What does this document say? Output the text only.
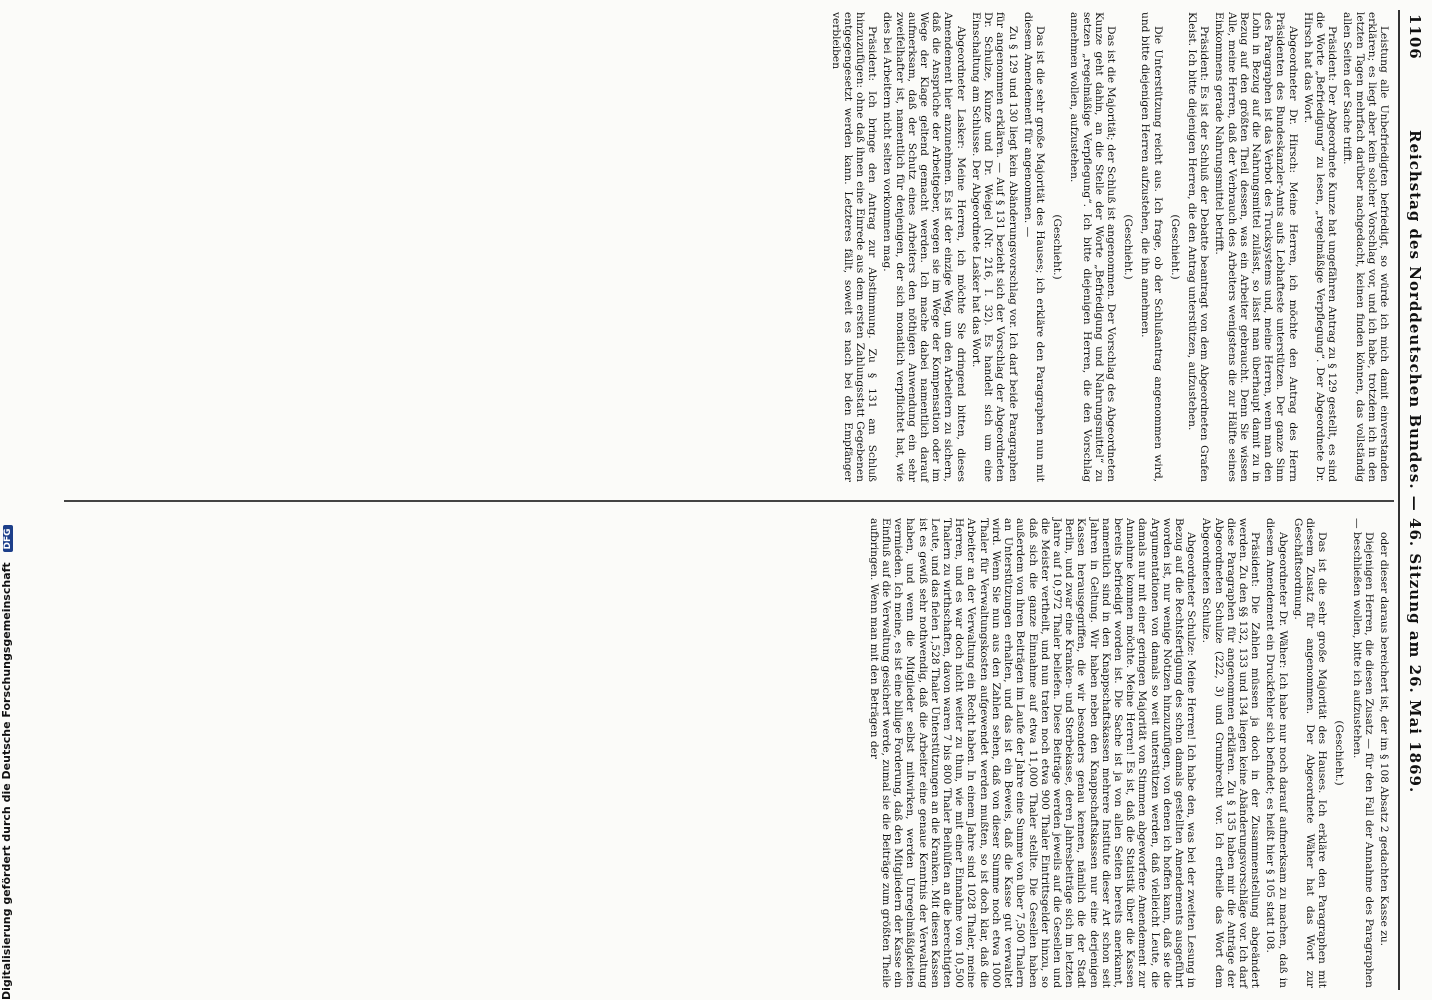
1106
Reichstag des Norddeutschen Bundes. — 46. Sitzung am 26. Mai 1869.

Leistung alle Unbefriedigten befriedigt, so würde ich mich damit einverstanden erklären; es liegt aber kein solcher Vorschlag vor, und ich habe, trotzdem ich in den letzten Tagen mehrfach darüber nachgedacht, keinen finden können, das vollständig allen Seiten der Sache trifft.

Präsident: Der Abgeordnete Kunze hat ungefähren Antrag zu § 129 gestellt, es sind die Worte „Befriedigung“ zu lesen, „regelmäßige Verpflegung“. Der Abgeordnete Dr. Hirsch hat das Wort.

Abgeordneter Dr. Hirsch: Meine Herren, ich möchte den Antrag des Herrn Präsidenten des Bundeskanzler-Amts aufs Lebhafteste unterstützen. Der ganze Sinn des Paragraphen ist das Verbot des Trucksystems und, meine Herren, wenn man den Lohn in Bezug auf die Nahrungsmittel zulässt, so lässt man überhaupt damit zu in Bezug auf den größten Theil dessen, was ein Arbeiter gebraucht. Denn Sie wissen Alle, meine Herren, daß der Verbrauch des Arbeiters wenigstens die zur Hälfte seines Einkommens gerade Nahrungsmittel betrifft.

Präsident: Es ist der Schluß der Debatte beantragt von dem Abgeordneten Grafen Kleist. Ich bitte diejenigen Herren, die den Antrag unterstützen, aufzustehen.

(Geschieht.)

Die Unterstützung reicht aus. Ich frage, ob der Schlußantrag angenommen wird, und bitte diejenigen Herren aufzustehen, die ihn annehmen.

(Geschieht.)

Das ist die Majorität; der Schluß ist angenommen. Der Vorschlag des Abgeordneten Kunze geht dahin, an die Stelle der Worte „Befriedigung und Nahrungsmittel“ zu setzen „regelmäßige Verpflegung“. Ich bitte diejenigen Herren, die den Vorschlag annehmen wollen, aufzustehen.

(Geschieht.)

Das ist die sehr große Majorität des Hauses; ich erkläre den Paragraphen nun mit diesem Amendement für angenommen. —

Zu § 129 und 130 liegt kein Abänderungsvorschlag vor. Ich darf beide Paragraphen für angenommen erklären. — Auf § 131 bezieht sich der Vorschlag der Abgeordneten Dr. Schulze, Kunze und Dr. Weigel (Nr. 216, I. 32). Es handelt sich um eine Einschaltung am Schlusse. Der Abgeordnete Lasker hat das Wort.

Abgeordneter Lasker: Meine Herren, ich möchte Sie dringend bitten, dieses Amendement hier anzunehmen. Es ist der einzige Weg, um den Arbeitern zu sichern, daß die Ansprüche der Arbeitgeber, wegen sie im Wege der Kompensation oder im Wege der Klage geltend gemacht werden. Ich mache dabei namentlich darauf aufmerksam, daß der Schutz eines Arbeiters den nöthigen Anwendung ein sehr zweifelhafter ist, namentlich für denjenigen, der sich monatlich verpflichtet hat, wie dies bei Arbeitern nicht selten vorkommen mag.

Präsident: Ich bringe den Antrag zur Abstimmung. Zu § 131 am Schluß hinzuzufügen: ohne daß ihnen eine Einrede aus dem ersten Zahlungsstatt Gegebenen entgegengesetzt werden kann. Letzteres fällt, soweit es nach bei den Empfänger verbleiben

oder dieser daraus bereichert ist, der im § 108 Absatz 2 gedachten Kasse zu.

Diejenigen Herren, die diesen Zusatz — für den Fall der Annahme des Paragraphen — beschließen wollen, bitte ich aufzustehen.

(Geschieht.)

Das ist die sehr große Majorität des Hauses. Ich erkläre den Paragraphen mit diesem Zusatz für angenommen. Der Abgeordnete Wäher hat das Wort zur Geschäftsordnung.

Abgeordneter Dr. Wäher: Ich habe nur noch darauf aufmerksam zu machen, daß in diesem Amendement ein Druckfehler sich befindet; es heißt hier § 105 statt 108.

Präsident: Die Zahlen müssen ja doch in der Zusammenstellung abgeändert werden. Zu den §§ 132, 133 und 134 liegen keine Abänderungsvorschläge vor. Ich darf diese Paragraphen für angenommen erklären. Zu § 135 haben mir die Anträge der Abgeordneten Schulze (222, 3) und Grumbrecht vor. Ich ertheile das Wort dem Abgeordneten Schulze.

Abgeordneter Schulze: Meine Herren! Ich habe den, was bei der zweiten Lesung in Bezug auf die Rechtsfertigung des schon damals gestellten Amendements ausgeführt worden ist, nur wenige Notizen hinzuzufügen, von denen ich hoffen kann, daß sie die Argumentationen von damals so weit unterstützen werden, daß vielleicht Leute, die damals nur mit einer geringen Majorität von Stimmen abgeworfene Amendement zur Annahme kommen möchte. Meine Herren! Es ist, daß die Statistik über die Kassen bereits befriedigt worden ist. Die Sache ist ja von allen Seiten bereits anerkannt, namentlich sind in den Knappschaftskassen mehrere Institute dieser Art schon seit Jahren in Geltung. Wir haben neben den Knappschaftskassen nur eine derjenigen Kassen herausgegriffen, die wir besonders genau kennen, nämlich die der Stadt Berlin, und zwar eine Kranken- und Sterbekasse, deren Jahresbeiträge sich im letzten Jahre auf 10,972 Thaler beliefen. Diese Beiträge werden jeweils auf die Gesellen und die Meister vertheilt, und nun traten noch etwa 900 Thaler Eintrittsgelder hinzu, so daß sich die ganze Einnahme auf etwa 11,000 Thaler stellte. Die Gesellen haben außerdem von ihren Beiträgen im Laufe der Jahre eine Summe von über 7,500 Thalern an Unterstützungen erhalten, und das ist ein Beweis, daß die Kasse gut verwaltet wird. Wenn Sie nun aus den Zahlen sehen, daß von dieser Summe noch etwa 1000 Thaler für Verwaltungskosten aufgewendet werden mußten, so ist doch klar, daß die Arbeiter an der Verwaltung ein Recht haben. In einem Jahre sind 1028 Thaler, meine Herren, und es war doch nicht weiter zu thun, wie mit einer Einnahme von 10,500 Thalern zu wirthschaften, davon waren 7 bis 800 Thaler Beihülfen an die berechtigten Leute, und das fielen 1,528 Thaler Unterstützungen an die Kranken. Mit diesen Kassen ist es gewiß sehr nothwendig, daß die Arbeiter eine genaue Kenntnis der Verwaltung haben, und wenn die Mitglieder selbst mitwirken, werden Unregelmäßigkeiten vermieden. Ich meine, es ist eine billige Forderung, daß den Mitgliedern der Kasse ein Einfluß auf die Verwaltung gesichert werde, zumal sie die Beiträge zum größten Theile aufbringen. Wenn man mit den Beträgen der

Digitalisierung gefördert durch die Deutsche Forschungsgemeinschaft DFG
